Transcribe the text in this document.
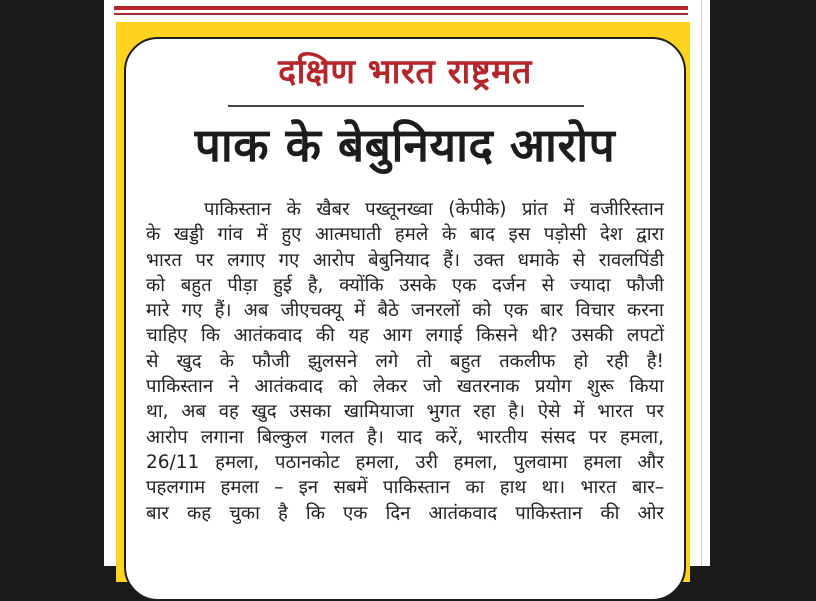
दक्षिण भारत राष्ट्रमत
पाक के बेबुनियाद आरोप
पाकिस्तान के खैबर पख्तूनख्वा (केपीके) प्रांत में वजीरिस्तान
के खड्डी गांव में हुए आत्मघाती हमले के बाद इस पड़ोसी देश द्वारा
भारत पर लगाए गए आरोप बेबुनियाद हैं। उक्त धमाके से रावलपिंडी
को बहुत पीड़ा हुई है, क्योंकि उसके एक दर्जन से ज्यादा फौजी
मारे गए हैं। अब जीएचक्यू में बैठे जनरलों को एक बार विचार करना
चाहिए कि आतंकवाद की यह आग लगाई किसने थी? उसकी लपटों
से खुद के फौजी झुलसने लगे तो बहुत तकलीफ हो रही है!
पाकिस्तान ने आतंकवाद को लेकर जो खतरनाक प्रयोग शुरू किया
था, अब वह खुद उसका खामियाजा भुगत रहा है। ऐसे में भारत पर
आरोप लगाना बिल्कुल गलत है। याद करें, भारतीय संसद पर हमला,
26/11 हमला, पठानकोट हमला, उरी हमला, पुलवामा हमला और
पहलगाम हमला – इन सबमें पाकिस्तान का हाथ था। भारत बार–
बार कह चुका है कि एक दिन आतंकवाद पाकिस्तान की ओर
